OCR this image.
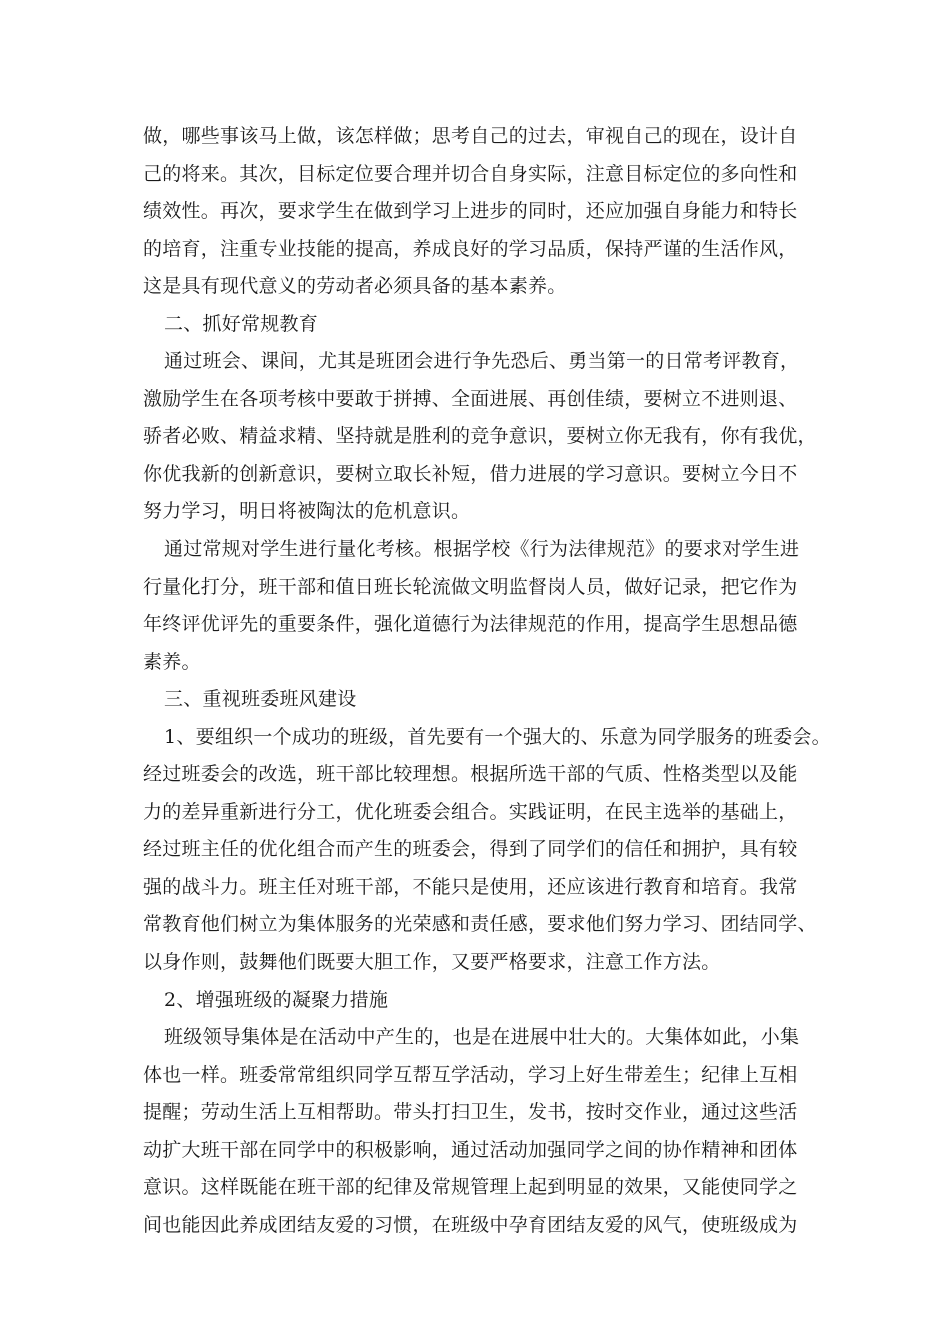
做，哪些事该马上做，该怎样做；思考自己的过去，审视自己的现在，设计自
己的将来。其次，目标定位要合理并切合自身实际，注意目标定位的多向性和
绩效性。再次，要求学生在做到学习上进步的同时，还应加强自身能力和特长
的培育，注重专业技能的提高，养成良好的学习品质，保持严谨的生活作风，
这是具有现代意义的劳动者必须具备的基本素养。
二、抓好常规教育
通过班会、课间，尤其是班团会进行争先恐后、勇当第一的日常考评教育，
激励学生在各项考核中要敢于拼搏、全面进展、再创佳绩，要树立不进则退、
骄者必败、精益求精、坚持就是胜利的竞争意识，要树立你无我有，你有我优，
你优我新的创新意识，要树立取长补短，借力进展的学习意识。要树立今日不
努力学习，明日将被陶汰的危机意识。
通过常规对学生进行量化考核。根据学校《行为法律规范》的要求对学生进
行量化打分，班干部和值日班长轮流做文明监督岗人员，做好记录，把它作为
年终评优评先的重要条件，强化道德行为法律规范的作用，提高学生思想品德
素养。
三、重视班委班风建设
1、要组织一个成功的班级，首先要有一个强大的、乐意为同学服务的班委会。
经过班委会的改选，班干部比较理想。根据所选干部的气质、性格类型以及能
力的差异重新进行分工，优化班委会组合。实践证明，在民主选举的基础上，
经过班主任的优化组合而产生的班委会，得到了同学们的信任和拥护，具有较
强的战斗力。班主任对班干部，不能只是使用，还应该进行教育和培育。我常
常教育他们树立为集体服务的光荣感和责任感，要求他们努力学习、团结同学、
以身作则，鼓舞他们既要大胆工作，又要严格要求，注意工作方法。
2、增强班级的凝聚力措施
班级领导集体是在活动中产生的，也是在进展中壮大的。大集体如此，小集
体也一样。班委常常组织同学互帮互学活动，学习上好生带差生；纪律上互相
提醒；劳动生活上互相帮助。带头打扫卫生，发书，按时交作业，通过这些活
动扩大班干部在同学中的积极影响，通过活动加强同学之间的协作精神和团体
意识。这样既能在班干部的纪律及常规管理上起到明显的效果，又能使同学之
间也能因此养成团结友爱的习惯，在班级中孕育团结友爱的风气，使班级成为
